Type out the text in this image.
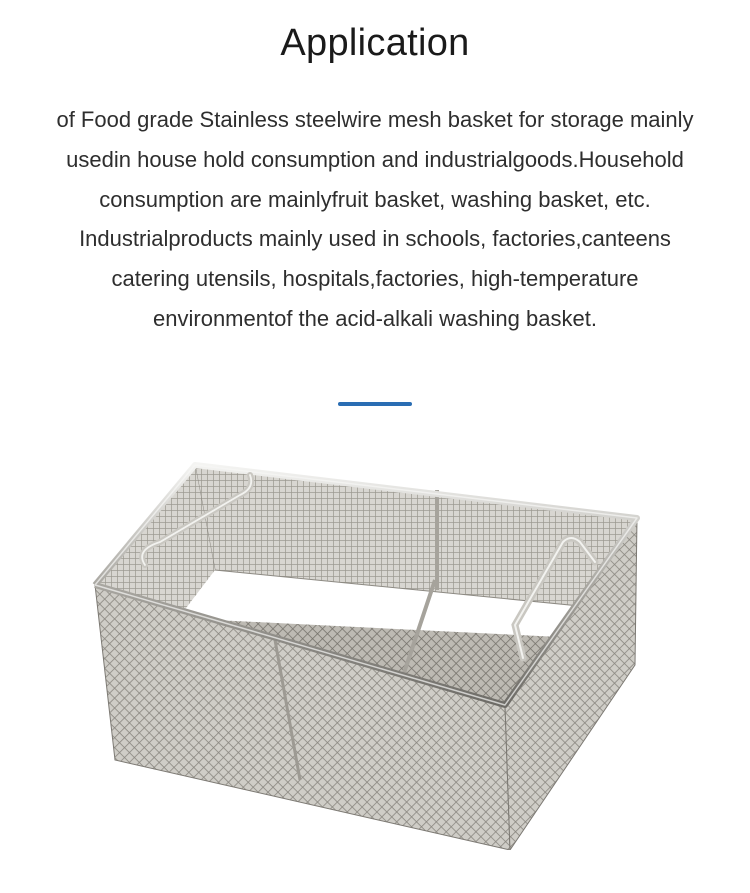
Application

of Food grade Stainless steelwire mesh basket for storage mainly usedin house hold consumption and industrialgoods.Household consumption are mainlyfruit basket, washing basket, etc. Industrialproducts mainly used in schools, factories,canteens catering utensils, hospitals,factories, high-temperature environmentof the acid-alkali washing basket.
